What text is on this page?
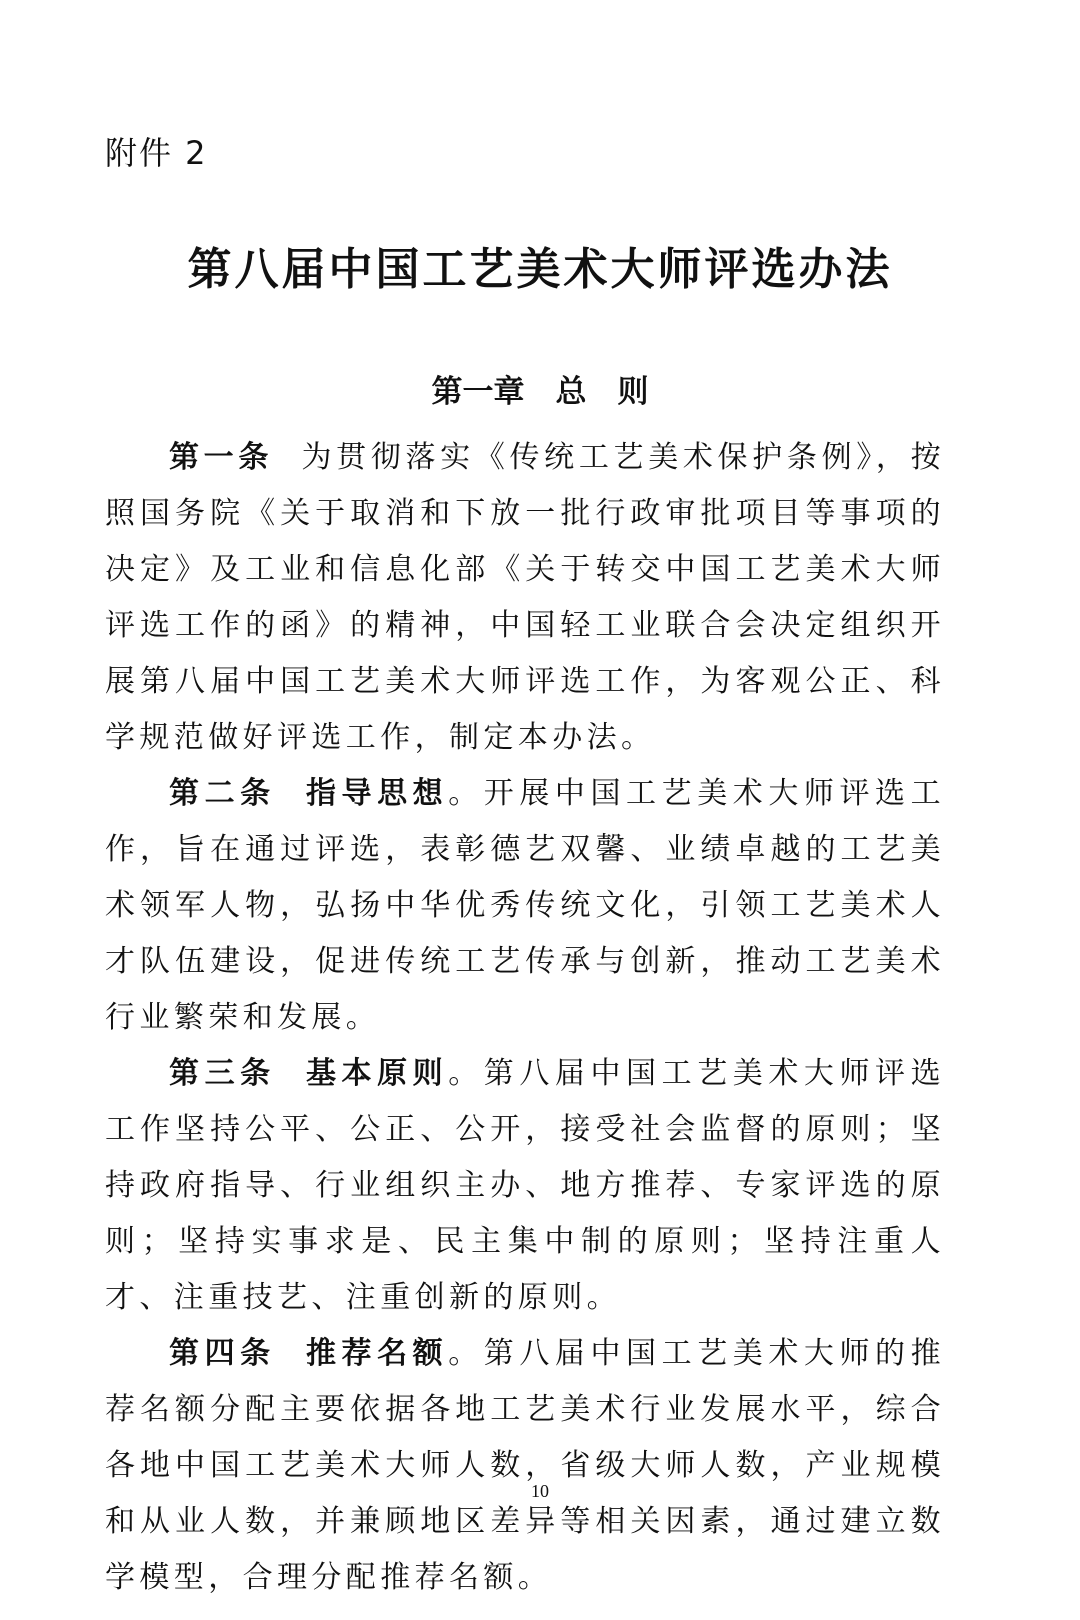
附件 2
第八届中国工艺美术大师评选办法
第一章　总　则

第一条 为贯彻落实《传统工艺美术保护条例》，按照国务院《关于取消和下放一批行政审批项目等事项的决定》及工业和信息化部《关于转交中国工艺美术大师评选工作的函》的精神，中国轻工业联合会决定组织开展第八届中国工艺美术大师评选工作，为客观公正、科学规范做好评选工作，制定本办法。

第二条 指导思想。开展中国工艺美术大师评选工作，旨在通过评选，表彰德艺双馨、业绩卓越的工艺美术领军人物，弘扬中华优秀传统文化，引领工艺美术人才队伍建设，促进传统工艺传承与创新，推动工艺美术行业繁荣和发展。

第三条 基本原则。第八届中国工艺美术大师评选工作坚持公平、公正、公开，接受社会监督的原则；坚持政府指导、行业组织主办、地方推荐、专家评选的原则；坚持实事求是、民主集中制的原则；坚持注重人才、注重技艺、注重创新的原则。

第四条 推荐名额。第八届中国工艺美术大师的推荐名额分配主要依据各地工艺美术行业发展水平，综合各地中国工艺美术大师人数，省级大师人数，产业规模和从业人数，并兼顾地区差异等相关因素，通过建立数学模型，合理分配推荐名额。

10
